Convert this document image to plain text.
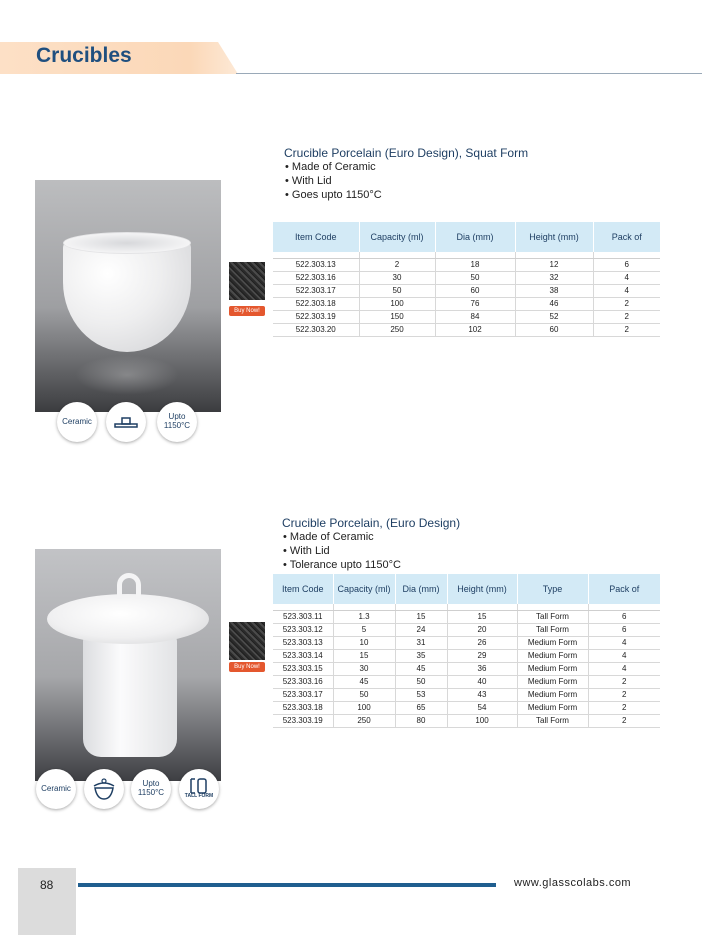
Crucibles
Buy Now!
Ceramic	Upto
1150°C
Crucible Porcelain (Euro Design), Squat Form
• Made of Ceramic
• With Lid
• Goes upto 1150°C
Item Code	Capacity (ml)	Dia (mm)	Height (mm)	Pack of

522.303.13	2	18	12	6
522.303.16	30	50	32	4
522.303.17	50	60	38	4
522.303.18	100	76	46	2
522.303.19	150	84	52	2
522.303.20	250	102	60	2
Buy Now!
Ceramic	Upto
1150°C	TALL FORM
Crucible Porcelain, (Euro Design)
• Made of Ceramic
• With Lid
• Tolerance upto 1150°C
Item Code	Capacity (ml)	Dia (mm)	Height (mm)	Type	Pack of

523.303.11	1.3	15	15	Tall Form	6
523.303.12	5	24	20	Tall Form	6
523.303.13	10	31	26	Medium Form	4
523.303.14	15	35	29	Medium Form	4
523.303.15	30	45	36	Medium Form	4
523.303.16	45	50	40	Medium Form	2
523.303.17	50	53	43	Medium Form	2
523.303.18	100	65	54	Medium Form	2
523.303.19	250	80	100	Tall Form	2
88	www.glasscolabs.com
